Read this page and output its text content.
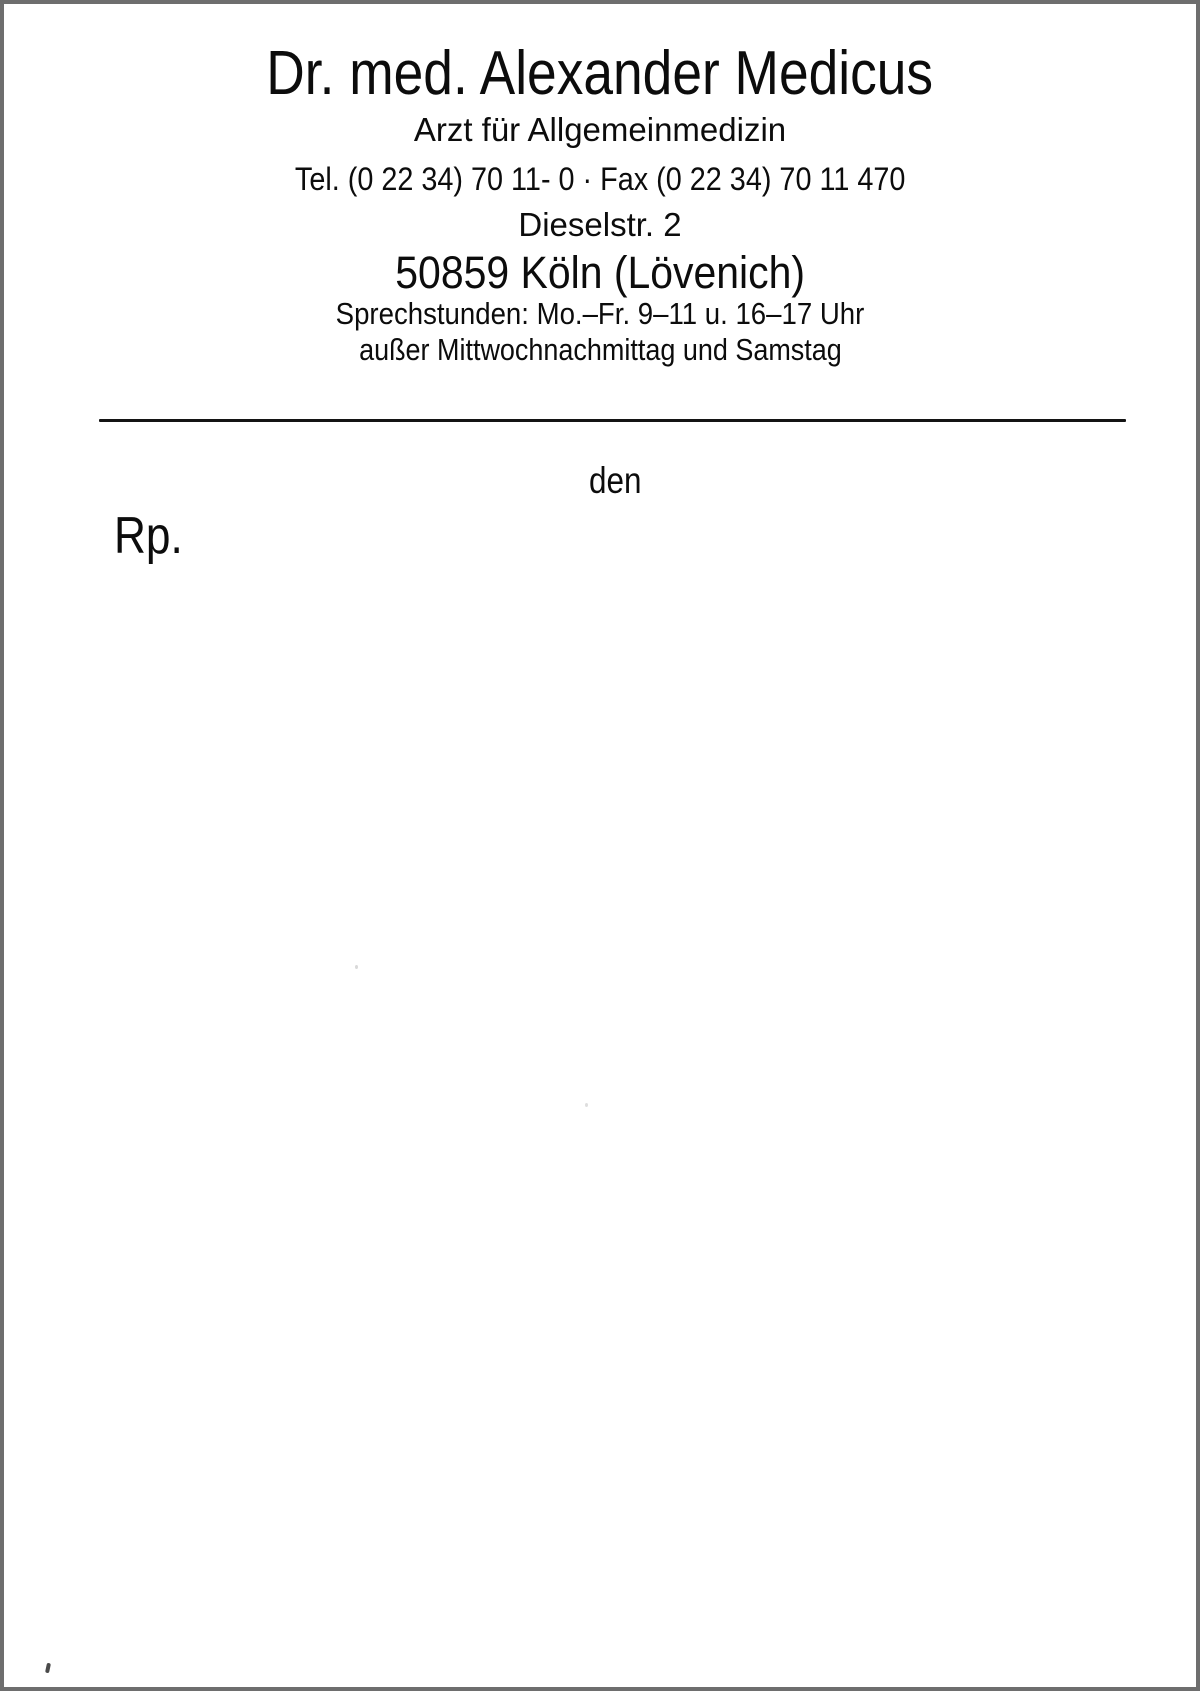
Dr. med. Alexander Medicus
Arzt für Allgemeinmedizin
Tel. (0 22 34) 70 11- 0 · Fax (0 22 34) 70 11 470
Dieselstr. 2
50859 Köln (Lövenich)
Sprechstunden: Mo.–Fr. 9–11 u. 16–17 Uhr
außer Mittwochnachmittag und Samstag
den
Rp.
